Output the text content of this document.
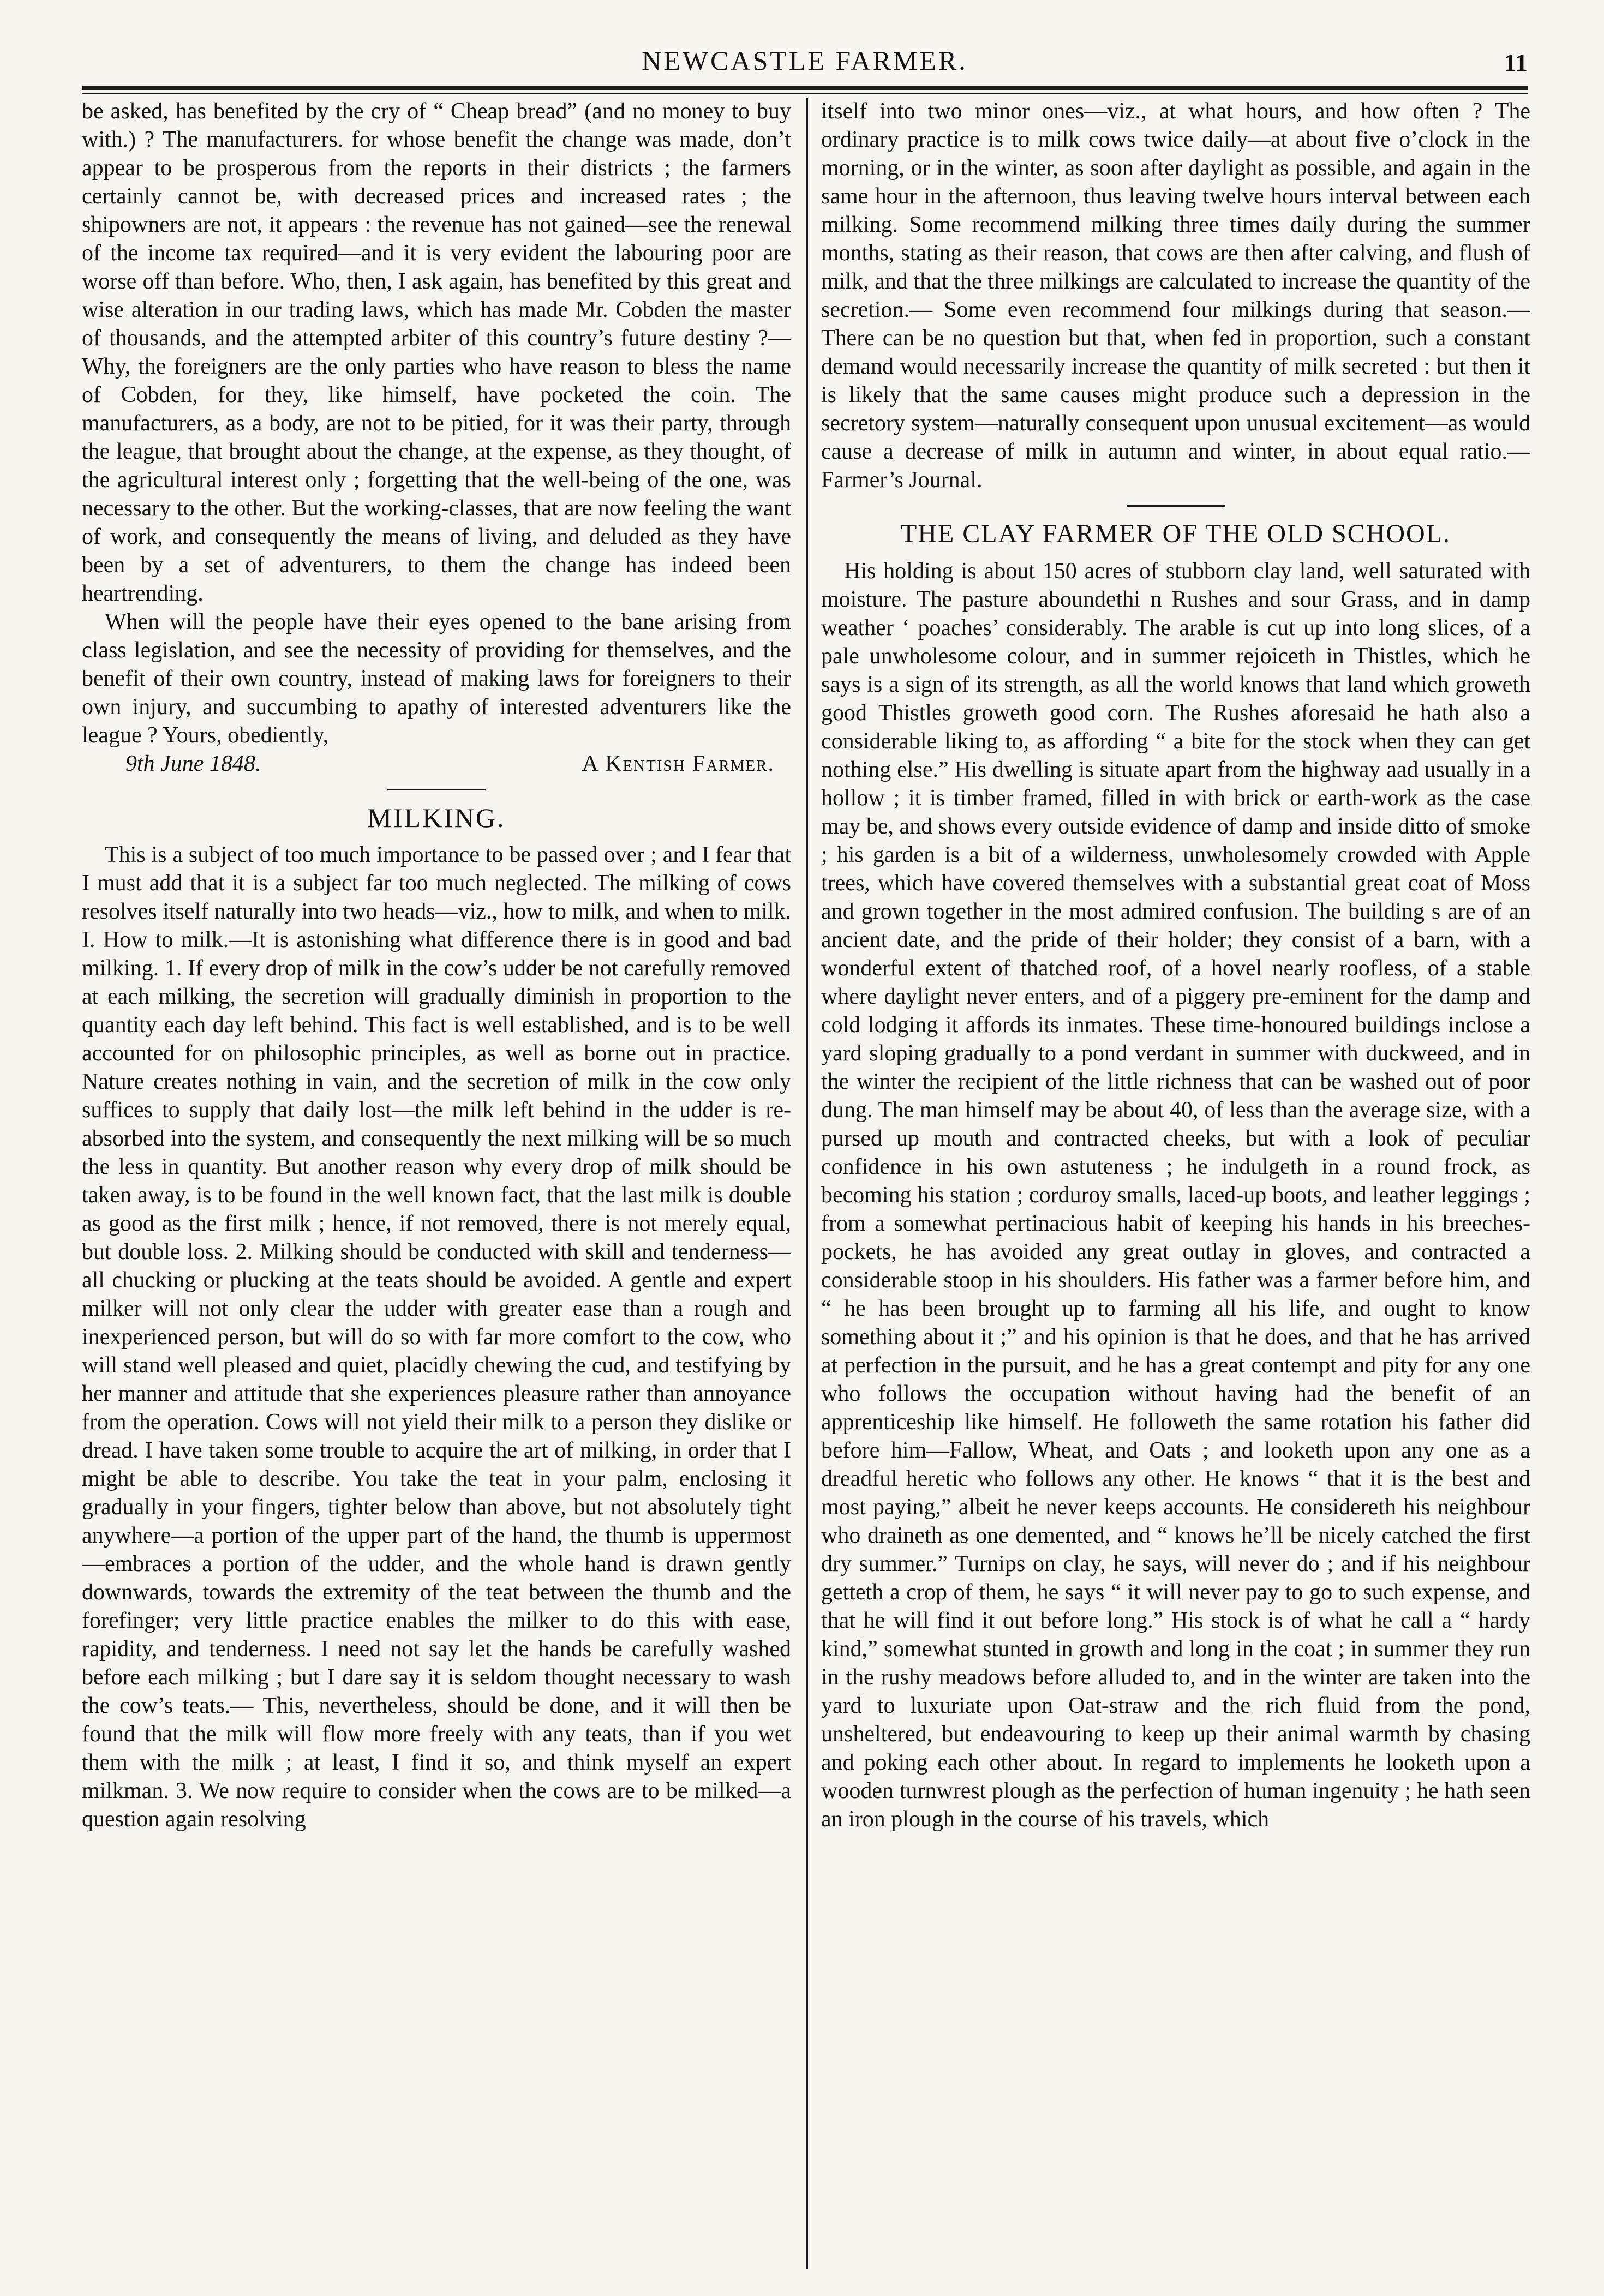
NEWCASTLE FARMER.	11

be asked, has benefited by the cry of “ Cheap bread” (and no money to buy with.) ? The manufacturers. for whose benefit the change was made, don’t appear to be prosperous from the reports in their districts ; the farmers certainly cannot be, with decreased prices and increased rates ; the shipowners are not, it appears : the revenue has not gained—see the renewal of the income tax required—and it is very evident the labouring poor are worse off than before. Who, then, I ask again, has benefited by this great and wise alteration in our trading laws, which has made Mr. Cobden the master of thousands, and the attempted arbiter of this country’s future destiny ?— Why, the foreigners are the only parties who have reason to bless the name of Cobden, for they, like himself, have pocketed the coin. The manufacturers, as a body, are not to be pitied, for it was their party, through the league, that brought about the change, at the expense, as they thought, of the agricultural interest only ; forgetting that the well-being of the one, was necessary to the other. But the working-classes, that are now feeling the want of work, and consequently the means of living, and deluded as they have been by a set of adventurers, to them the change has indeed been heartrending.

When will the people have their eyes opened to the bane arising from class legislation, and see the necessity of providing for themselves, and the benefit of their own country, instead of making laws for foreigners to their own injury, and succumbing to apathy of interested adventurers like the league ? Yours, obediently,

9th June 1848.	A Kentish Farmer.
MILKING.

This is a subject of too much importance to be passed over ; and I fear that I must add that it is a subject far too much neglected. The milking of cows resolves itself naturally into two heads—viz., how to milk, and when to milk. I. How to milk.—It is astonishing what difference there is in good and bad milking. 1. If every drop of milk in the cow’s udder be not carefully removed at each milking, the secretion will gradually diminish in proportion to the quantity each day left behind. This fact is well established, and is to be well accounted for on philosophic principles, as well as borne out in practice. Nature creates nothing in vain, and the secretion of milk in the cow only suffices to supply that daily lost—the milk left behind in the udder is re-absorbed into the system, and consequently the next milking will be so much the less in quantity. But another reason why every drop of milk should be taken away, is to be found in the well known fact, that the last milk is double as good as the first milk ; hence, if not removed, there is not merely equal, but double loss. 2. Milking should be conducted with skill and tenderness—all chucking or plucking at the teats should be avoided. A gentle and expert milker will not only clear the udder with greater ease than a rough and inexperienced person, but will do so with far more comfort to the cow, who will stand well pleased and quiet, placidly chewing the cud, and testifying by her manner and attitude that she experiences pleasure rather than annoyance from the operation. Cows will not yield their milk to a person they dislike or dread. I have taken some trouble to acquire the art of milking, in order that I might be able to describe. You take the teat in your palm, enclosing it gradually in your fingers, tighter below than above, but not absolutely tight anywhere—a portion of the upper part of the hand, the thumb is uppermost—embraces a portion of the udder, and the whole hand is drawn gently downwards, towards the extremity of the teat between the thumb and the forefinger; very little practice enables the milker to do this with ease, rapidity, and tenderness. I need not say let the hands be carefully washed before each milking ; but I dare say it is seldom thought necessary to wash the cow’s teats.— This, nevertheless, should be done, and it will then be found that the milk will flow more freely with any teats, than if you wet them with the milk ; at least, I find it so, and think myself an expert milkman. 3. We now require to consider when the cows are to be milked—a question again resolving

itself into two minor ones—viz., at what hours, and how often ? The ordinary practice is to milk cows twice daily—at about five o’clock in the morning, or in the winter, as soon after daylight as possible, and again in the same hour in the afternoon, thus leaving twelve hours interval between each milking. Some recommend milking three times daily during the summer months, stating as their reason, that cows are then after calving, and flush of milk, and that the three milkings are calculated to increase the quantity of the secretion.— Some even recommend four milkings during that season.— There can be no question but that, when fed in proportion, such a constant demand would necessarily increase the quantity of milk secreted : but then it is likely that the same causes might produce such a depression in the secretory system—naturally consequent upon unusual excitement—as would cause a decrease of milk in autumn and winter, in about equal ratio.—Farmer’s Journal.

THE CLAY FARMER OF THE OLD SCHOOL.

His holding is about 150 acres of stubborn clay land, well saturated with moisture. The pasture aboundethi n Rushes and sour Grass, and in damp weather ‘ poaches’ considerably. The arable is cut up into long slices, of a pale unwholesome colour, and in summer rejoiceth in Thistles, which he says is a sign of its strength, as all the world knows that land which groweth good Thistles groweth good corn. The Rushes aforesaid he hath also a considerable liking to, as affording “ a bite for the stock when they can get nothing else.” His dwelling is situate apart from the highway aad usually in a hollow ; it is timber framed, filled in with brick or earth-work as the case may be, and shows every outside evidence of damp and inside ditto of smoke ; his garden is a bit of a wilderness, unwholesomely crowded with Apple trees, which have covered themselves with a substantial great coat of Moss and grown together in the most admired confusion. The building s are of an ancient date, and the pride of their holder; they consist of a barn, with a wonderful extent of thatched roof, of a hovel nearly roofless, of a stable where daylight never enters, and of a piggery pre-eminent for the damp and cold lodging it affords its inmates. These time-honoured buildings inclose a yard sloping gradually to a pond verdant in summer with duckweed, and in the winter the recipient of the little richness that can be washed out of poor dung. The man himself may be about 40, of less than the average size, with a pursed up mouth and contracted cheeks, but with a look of peculiar confidence in his own astuteness ; he indulgeth in a round frock, as becoming his station ; corduroy smalls, laced-up boots, and leather leggings ; from a somewhat pertinacious habit of keeping his hands in his breeches-pockets, he has avoided any great outlay in gloves, and contracted a considerable stoop in his shoulders. His father was a farmer before him, and “ he has been brought up to farming all his life, and ought to know something about it ;” and his opinion is that he does, and that he has arrived at perfection in the pursuit, and he has a great contempt and pity for any one who follows the occupation without having had the benefit of an apprenticeship like himself. He followeth the same rotation his father did before him—Fallow, Wheat, and Oats ; and looketh upon any one as a dreadful heretic who follows any other. He knows “ that it is the best and most paying,” albeit he never keeps accounts. He considereth his neighbour who draineth as one demented, and “ knows he’ll be nicely catched the first dry summer.” Turnips on clay, he says, will never do ; and if his neighbour getteth a crop of them, he says “ it will never pay to go to such expense, and that he will find it out before long.” His stock is of what he call a “ hardy kind,” somewhat stunted in growth and long in the coat ; in summer they run in the rushy meadows before alluded to, and in the winter are taken into the yard to luxuriate upon Oat-straw and the rich fluid from the pond, unsheltered, but endeavouring to keep up their animal warmth by chasing and poking each other about. In regard to implements he looketh upon a wooden turnwrest plough as the perfection of human ingenuity ; he hath seen an iron plough in the course of his travels, which
